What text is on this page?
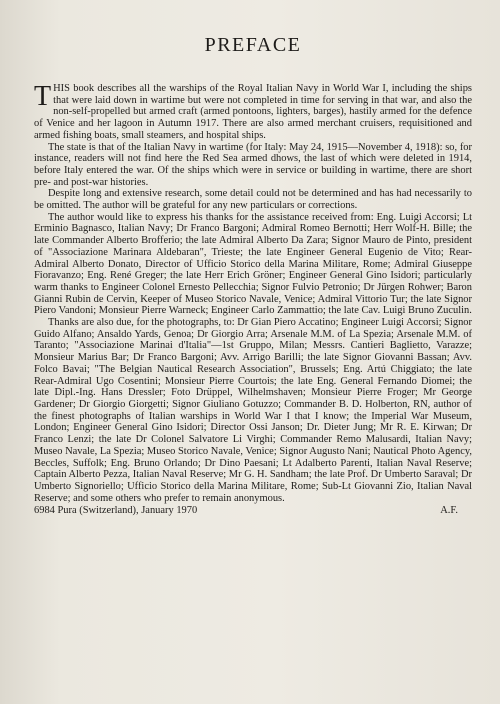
PREFACE

THIS book describes all the warships of the Royal Italian Navy in World War I, including the ships that were laid down in wartime but were not completed in time for serving in that war, and also the non-self-propelled but armed craft (armed pontoons, lighters, barges), hastily armed for the defence of Venice and her lagoon in Autumn 1917. There are also armed merchant cruisers, requisitioned and armed fishing boats, small steamers, and hospital ships.

The state is that of the Italian Navy in wartime (for Italy: May 24, 1915—November 4, 1918): so, for instance, readers will not find here the Red Sea armed dhows, the last of which were deleted in 1914, before Italy entered the war. Of the ships which were in service or building in wartime, there are short pre- and post-war histories.

Despite long and extensive research, some detail could not be determined and has had necessarily to be omitted. The author will be grateful for any new particulars or corrections.

The author would like to express his thanks for the assistance received from: Eng. Luigi Accorsi; Lt Erminio Bagnasco, Italian Navy; Dr Franco Bargoni; Admiral Romeo Bernotti; Herr Wolf-H. Bille; the late Commander Alberto Brofferio; the late Admiral Alberto Da Zara; Signor Mauro de Pinto, president of "Associazione Marinara Aldebaran", Trieste; the late Engineer General Eugenio de Vito; Rear-Admiral Alberto Donato, Director of Ufficio Storico della Marina Militare, Rome; Admiral Giuseppe Fioravanzo; Eng. René Greger; the late Herr Erich Gröner; Engineer General Gino Isidori; particularly warm thanks to Engineer Colonel Ernesto Pellecchia; Signor Fulvio Petronio; Dr Jürgen Rohwer; Baron Gianni Rubin de Cervin, Keeper of Museo Storico Navale, Venice; Admiral Vittorio Tur; the late Signor Piero Vandoni; Monsieur Pierre Warneck; Engineer Carlo Zammattio; the late Cav. Luigi Bruno Zuculin.

Thanks are also due, for the photographs, to: Dr Gian Piero Accatino; Engineer Luigi Accorsi; Signor Guido Alfano; Ansaldo Yards, Genoa; Dr Giorgio Arra; Arsenale M.M. of La Spezia; Arsenale M.M. of Taranto; "Associazione Marinai d'Italia"—1st Gruppo, Milan; Messrs. Cantieri Baglietto, Varazze; Monsieur Marius Bar; Dr Franco Bargoni; Avv. Arrigo Barilli; the late Signor Giovanni Bassan; Avv. Folco Bavai; "The Belgian Nautical Research Association", Brussels; Eng. Artú Chiggiato; the late Rear-Admiral Ugo Cosentini; Monsieur Pierre Courtois; the late Eng. General Fernando Diomei; the late Dipl.-Ing. Hans Dressler; Foto Drüppel, Wilhelmshaven; Monsieur Pierre Froger; Mr George Gardener; Dr Giorgio Giorgetti; Signor Giuliano Gotuzzo; Commander B. D. Holberton, RN, author of the finest photographs of Italian warships in World War I that I know; the Imperial War Museum, London; Engineer General Gino Isidori; Director Ossi Janson; Dr. Dieter Jung; Mr R. E. Kirwan; Dr Franco Lenzi; the late Dr Colonel Salvatore Li Virghi; Commander Remo Malusardi, Italian Navy; Museo Navale, La Spezia; Museo Storico Navale, Venice; Signor Augusto Nani; Nautical Photo Agency, Beccles, Suffolk; Eng. Bruno Orlando; Dr Dino Paesani; Lt Adalberto Parenti, Italian Naval Reserve; Captain Alberto Pezza, Italian Naval Reserve; Mr G. H. Sandham; the late Prof. Dr Umberto Saraval; Dr Umberto Signoriello; Ufficio Storico della Marina Militare, Rome; Sub-Lt Giovanni Zio, Italian Naval Reserve; and some others who prefer to remain anonymous.

6984 Pura (Switzerland), January 1970	A.F.
